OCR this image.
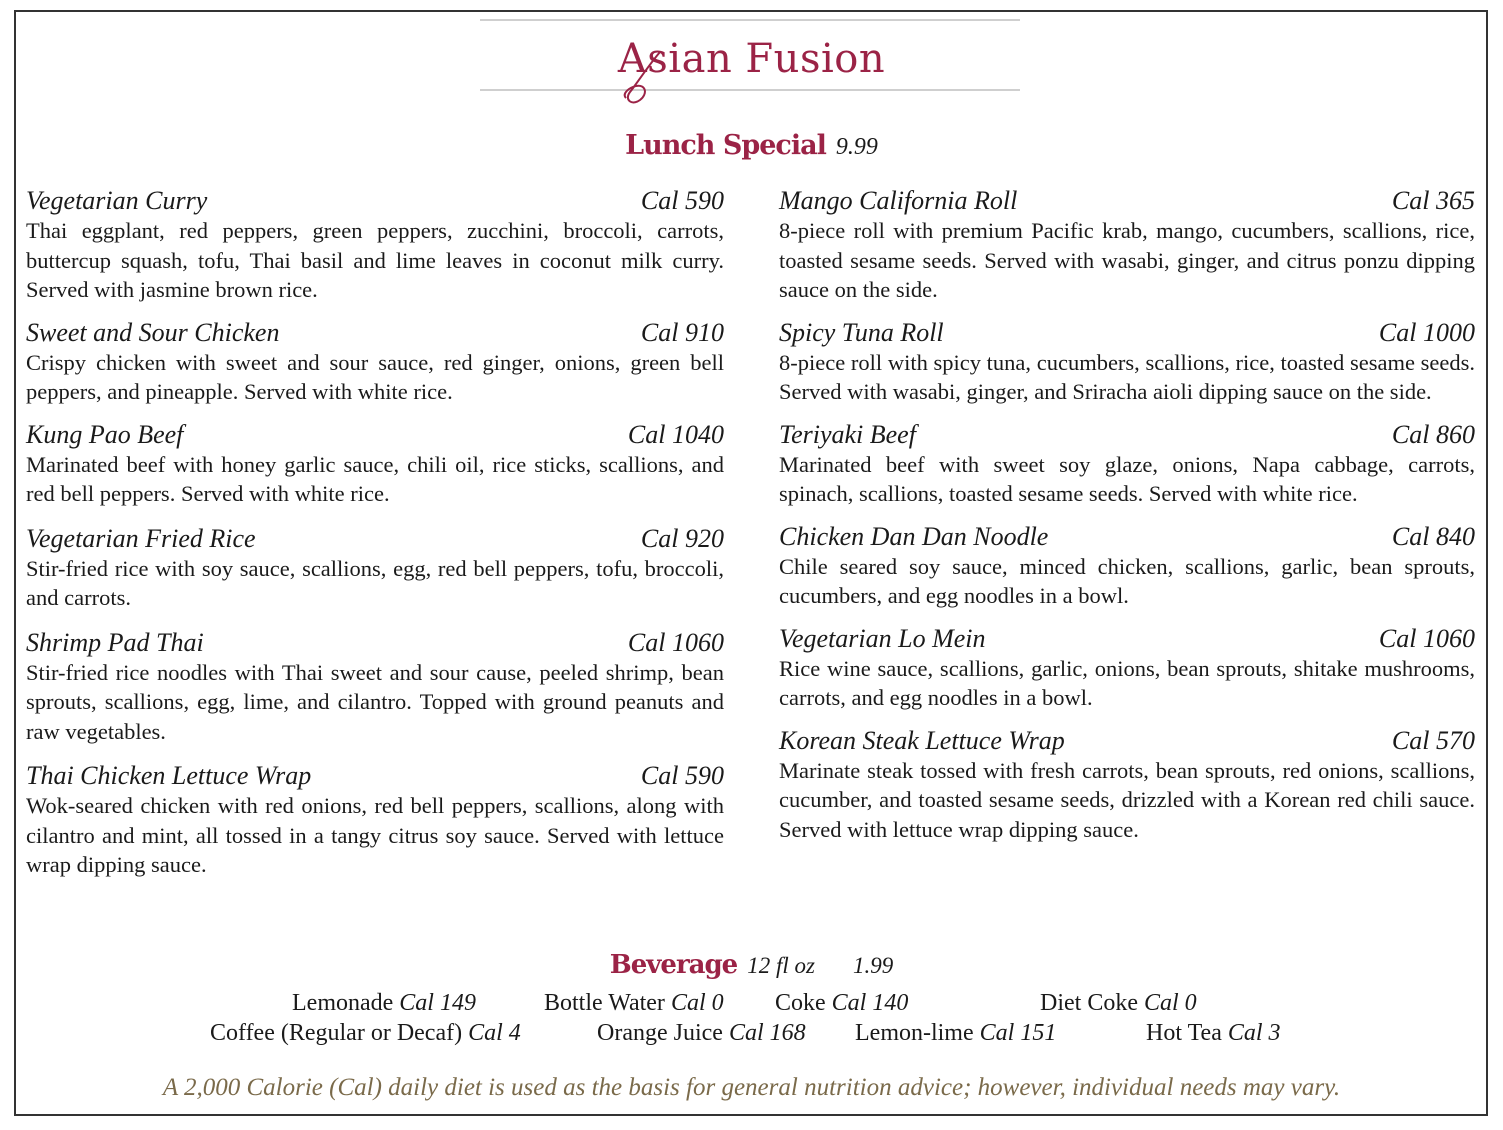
Asian Fusion
Lunch Special 9.99
Vegetarian Curry	Cal 590
Thai eggplant, red peppers, green peppers, zucchini, broccoli, carrots, buttercup squash, tofu, Thai basil and lime leaves in coconut milk curry. Served with jasmine brown rice.
Sweet and Sour Chicken	Cal 910
Crispy chicken with sweet and sour sauce, red ginger, onions, green bell peppers, and pineapple. Served with white rice.
Kung Pao Beef	Cal 1040
Marinated beef with honey garlic sauce, chili oil, rice sticks, scallions, and red bell peppers. Served with white rice.
Vegetarian Fried Rice	Cal 920
Stir-fried rice with soy sauce, scallions, egg, red bell peppers, tofu, broccoli, and carrots.
Shrimp Pad Thai	Cal 1060
Stir-fried rice noodles with Thai sweet and sour cause, peeled shrimp, bean sprouts, scallions, egg, lime, and cilantro. Topped with ground peanuts and raw vegetables.
Thai Chicken Lettuce Wrap	Cal 590
Wok-seared chicken with red onions, red bell peppers, scallions, along with cilantro and mint, all tossed in a tangy citrus soy sauce. Served with lettuce wrap dipping sauce.
Mango California Roll	Cal 365
8-piece roll with premium Pacific krab, mango, cucumbers, scallions, rice, toasted sesame seeds. Served with wasabi, ginger, and citrus ponzu dipping sauce on the side.
Spicy Tuna Roll	Cal 1000
8-piece roll with spicy tuna, cucumbers, scallions, rice, toasted sesame seeds. Served with wasabi, ginger, and Sriracha aioli dipping sauce on the side.
Teriyaki Beef	Cal 860
Marinated beef with sweet soy glaze, onions, Napa cabbage, carrots, spinach, scallions, toasted sesame seeds. Served with white rice.
Chicken Dan Dan Noodle	Cal 840
Chile seared soy sauce, minced chicken, scallions, garlic, bean sprouts, cucumbers, and egg noodles in a bowl.
Vegetarian Lo Mein	Cal 1060
Rice wine sauce, scallions, garlic, onions, bean sprouts, shitake mushrooms, carrots, and egg noodles in a bowl.
Korean Steak Lettuce Wrap	Cal 570
Marinate steak tossed with fresh carrots, bean sprouts, red onions, scallions, cucumber, and toasted sesame seeds, drizzled with a Korean red chili sauce. Served with lettuce wrap dipping sauce.
Beverage 12 fl oz 1.99
Lemonade Cal 149	Bottle Water Cal 0 Coke Cal 140	Diet Coke Cal 0
Coffee (Regular or Decaf) Cal 4	Orange Juice Cal 168 Lemon-lime Cal 151	Hot Tea Cal 3
A 2,000 Calorie (Cal) daily diet is used as the basis for general nutrition advice; however, individual needs may vary.
